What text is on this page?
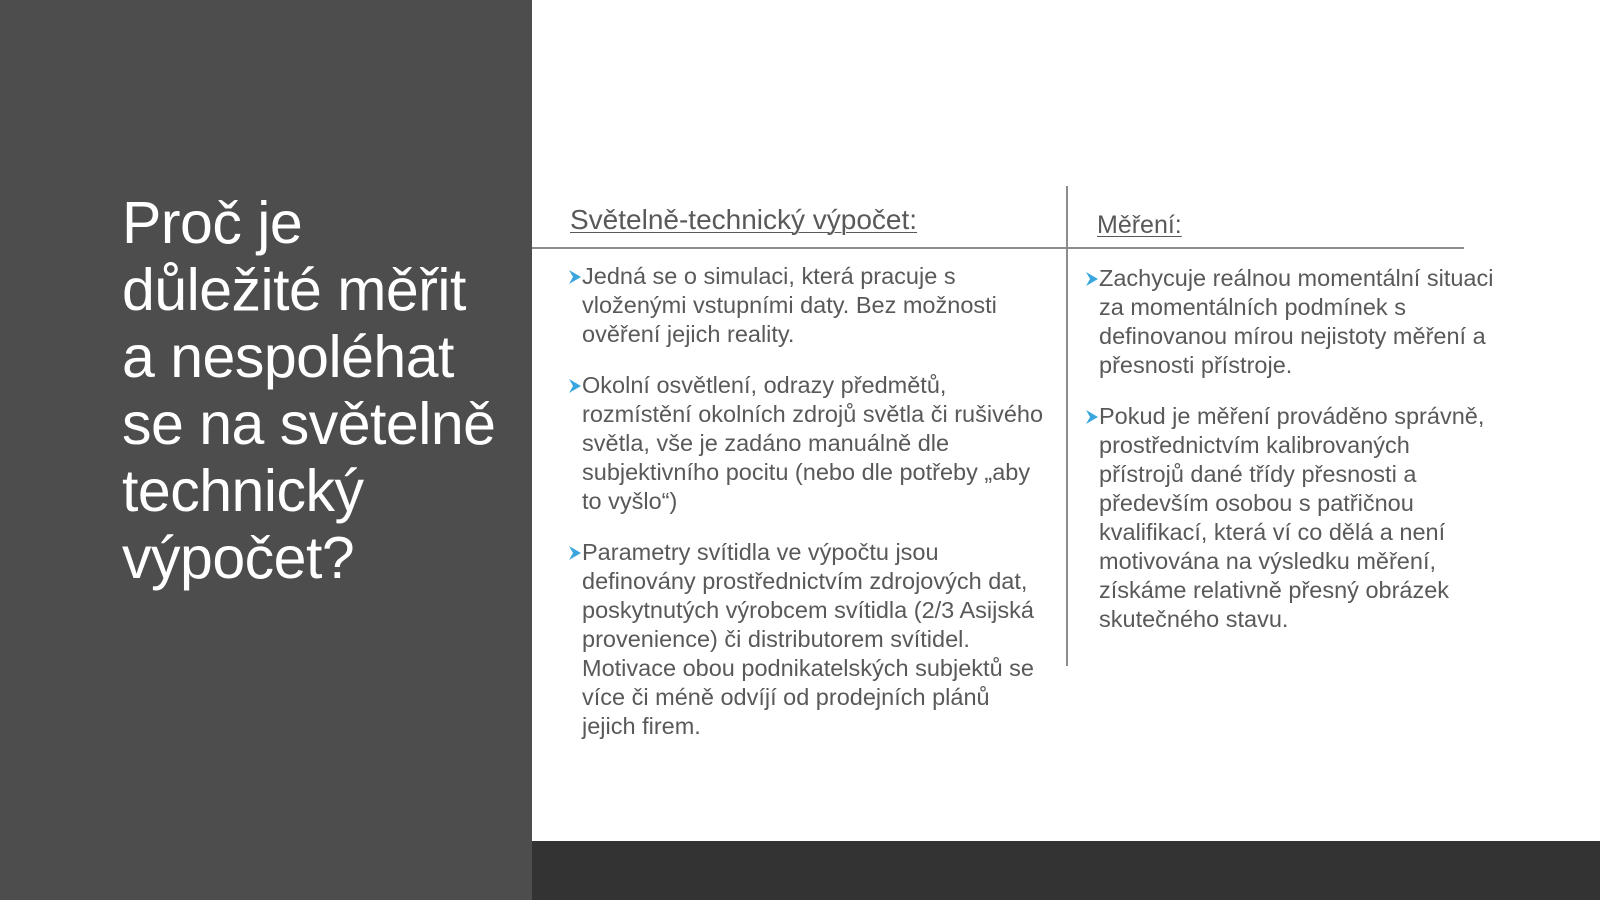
Proč je důležité měřit a nespoléhat se na světelně technický výpočet?
Světelně-technický výpočet:
Jedná se o simulaci, která pracuje s vloženými vstupními daty. Bez možnosti ověření jejich reality.
Okolní osvětlení, odrazy předmětů, rozmístění okolních zdrojů světla či rušivého světla, vše je zadáno manuálně dle subjektivního pocitu (nebo dle potřeby „aby to vyšlo“)
Parametry svítidla ve výpočtu jsou definovány prostřednictvím zdrojových dat, poskytnutých výrobcem svítidla (2/3 Asijská provenience) či distributorem svítidel. Motivace obou podnikatelských subjektů se více či méně odvíjí od prodejních plánů jejich firem.
Měření:
Zachycuje reálnou momentální situaci za momentálních podmínek s definovanou mírou nejistoty měření a přesnosti přístroje.
Pokud je měření prováděno správně, prostřednictvím kalibrovaných přístrojů dané třídy přesnosti a především osobou s patřičnou kvalifikací, která ví co dělá a není motivována na výsledku měření, získáme relativně přesný obrázek skutečného stavu.
